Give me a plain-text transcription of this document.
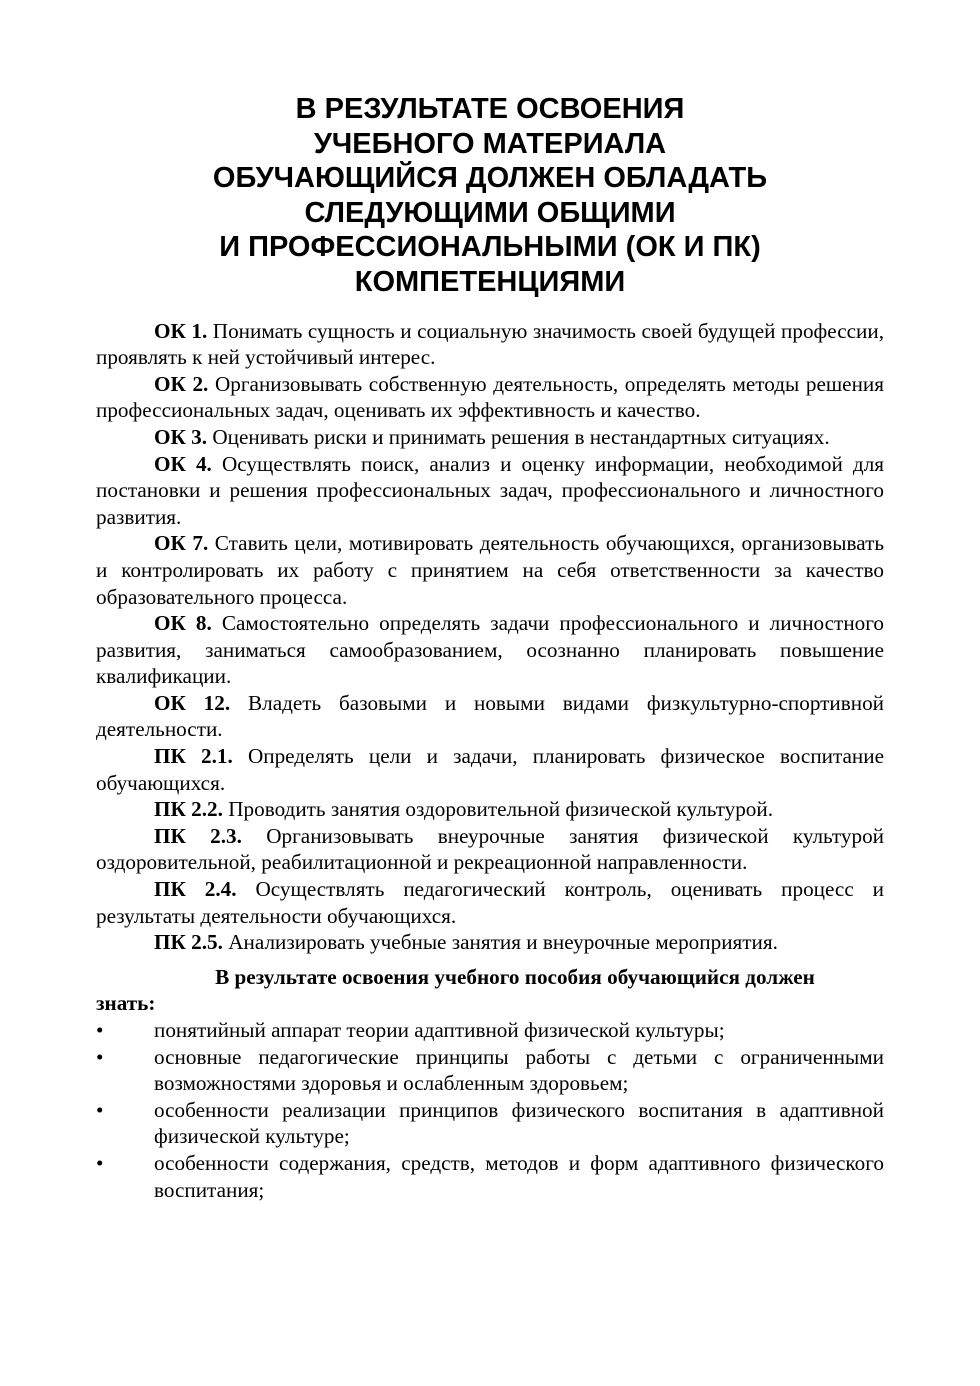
В РЕЗУЛЬТАТЕ ОСВОЕНИЯ
УЧЕБНОГО МАТЕРИАЛА
ОБУЧАЮЩИЙСЯ ДОЛЖЕН ОБЛАДАТЬ
СЛЕДУЮЩИМИ ОБЩИМИ
И ПРОФЕССИОНАЛЬНЫМИ (ОК И ПК)
КОМПЕТЕНЦИЯМИ

ОК 1. Понимать сущность и социальную значимость своей будущей профессии, проявлять к ней устойчивый интерес.

ОК 2. Организовывать собственную деятельность, определять методы решения профессиональных задач, оценивать их эффективность и качество.

ОК 3. Оценивать риски и принимать решения в нестандартных ситуациях.

ОК 4. Осуществлять поиск, анализ и оценку информации, необходимой для постановки и решения профессиональных задач, профессионального и личностного развития.

ОК 7. Ставить цели, мотивировать деятельность обучающихся, организовывать и контролировать их работу с принятием на себя ответственности за качество образовательного процесса.

ОК 8. Самостоятельно определять задачи профессионального и личностного развития, заниматься самообразованием, осознанно планировать повышение квалификации.

ОК 12. Владеть базовыми и новыми видами физкультурно-спортивной деятельности.

ПК 2.1. Определять цели и задачи, планировать физическое воспитание обучающихся.

ПК 2.2. Проводить занятия оздоровительной физической культурой.

ПК 2.3. Организовывать внеурочные занятия физической культурой оздоровительной, реабилитационной и рекреационной направленности.

ПК 2.4. Осуществлять педагогический контроль, оценивать процесс и результаты деятельности обучающихся.

ПК 2.5. Анализировать учебные занятия и внеурочные мероприятия.

В результате освоения учебного пособия обучающийся должен
знать:
•	понятийный аппарат теории адаптивной физической культуры;
•	основные педагогические принципы работы с детьми с ограниченными возможностями здоровья и ослабленным здоровьем;
•	особенности реализации принципов физического воспитания в адаптивной физической культуре;
•	особенности содержания, средств, методов и форм адаптивного физического воспитания;
